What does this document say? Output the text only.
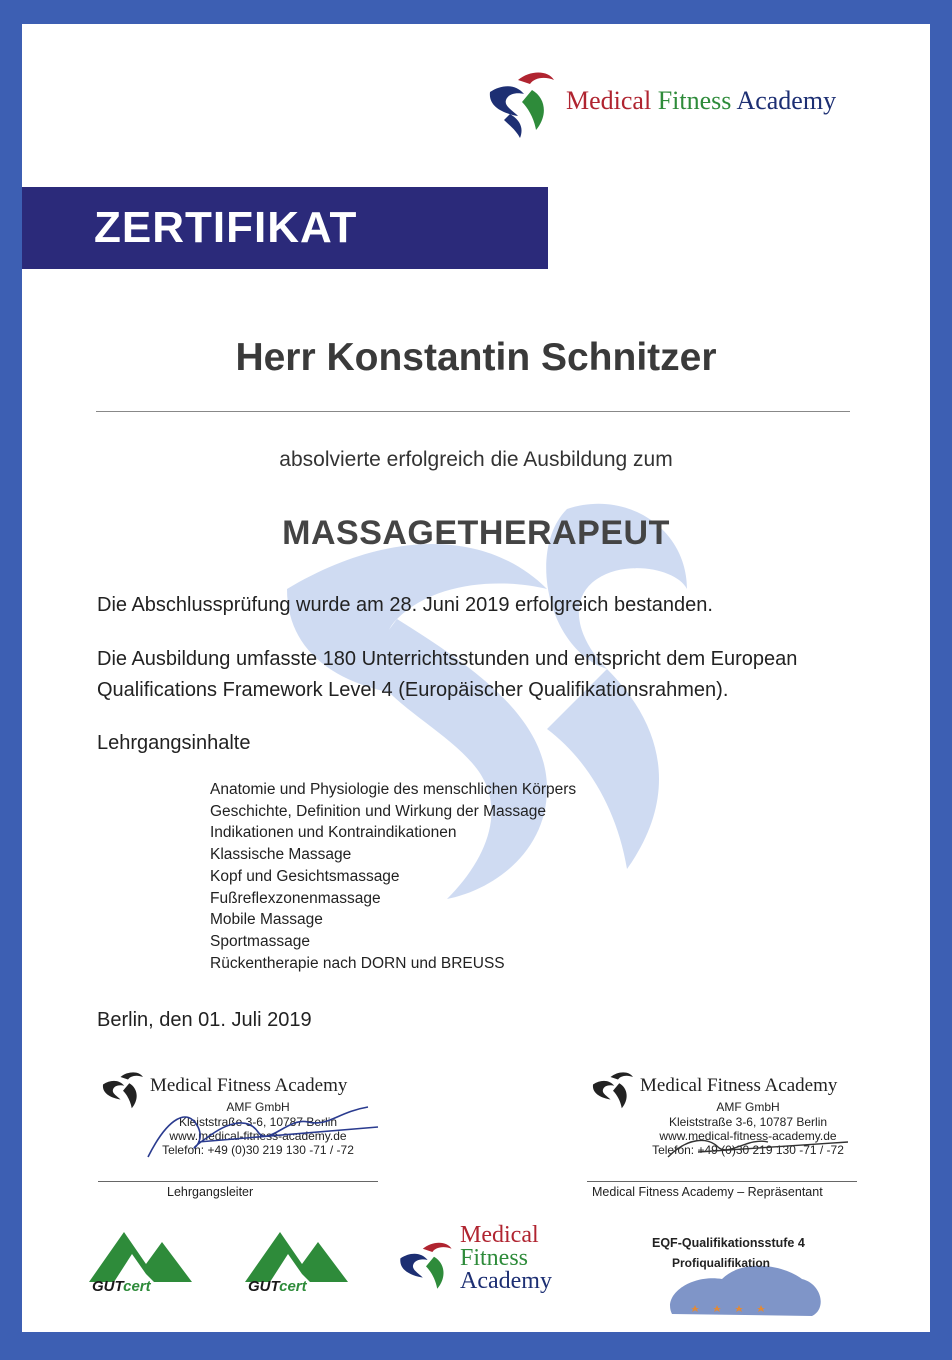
Medical Fitness Academy
ZERTIFIKAT
Herr Konstantin Schnitzer
absolvierte erfolgreich die Ausbildung zum
MASSAGETHERAPEUT
Die Abschlussprüfung wurde am 28. Juni 2019 erfolgreich bestanden.
Die Ausbildung umfasste 180 Unterrichtsstunden und entspricht dem European Qualifications Framework Level 4 (Europäischer Qualifikationsrahmen).
Lehrgangsinhalte
Anatomie und Physiologie des menschlichen Körpers
Geschichte, Definition und Wirkung der Massage
Indikationen und Kontraindikationen
Klassische Massage
Kopf und Gesichtsmassage
Fußreflexzonenmassage
Mobile Massage
Sportmassage
Rückentherapie nach DORN und BREUSS
Berlin, den 01. Juli 2019
Medical Fitness Academy
AMF GmbH
Kleiststraße 3-6, 10787 Berlin
www.medical-fitness-academy.de
Telefon: +49 (0)30 219 130 -71 / -72
Medical Fitness Academy
AMF GmbH
Kleiststraße 3-6, 10787 Berlin
www.medical-fitness-academy.de
Telefon: +49 (0)30 219 130 -71 / -72
Lehrgangsleiter	Medical Fitness Academy – Repräsentant
GUTcert	GUTcert
Medical
Fitness
Academy
EQF-Qualifikationsstufe 4
Profiqualifikation
